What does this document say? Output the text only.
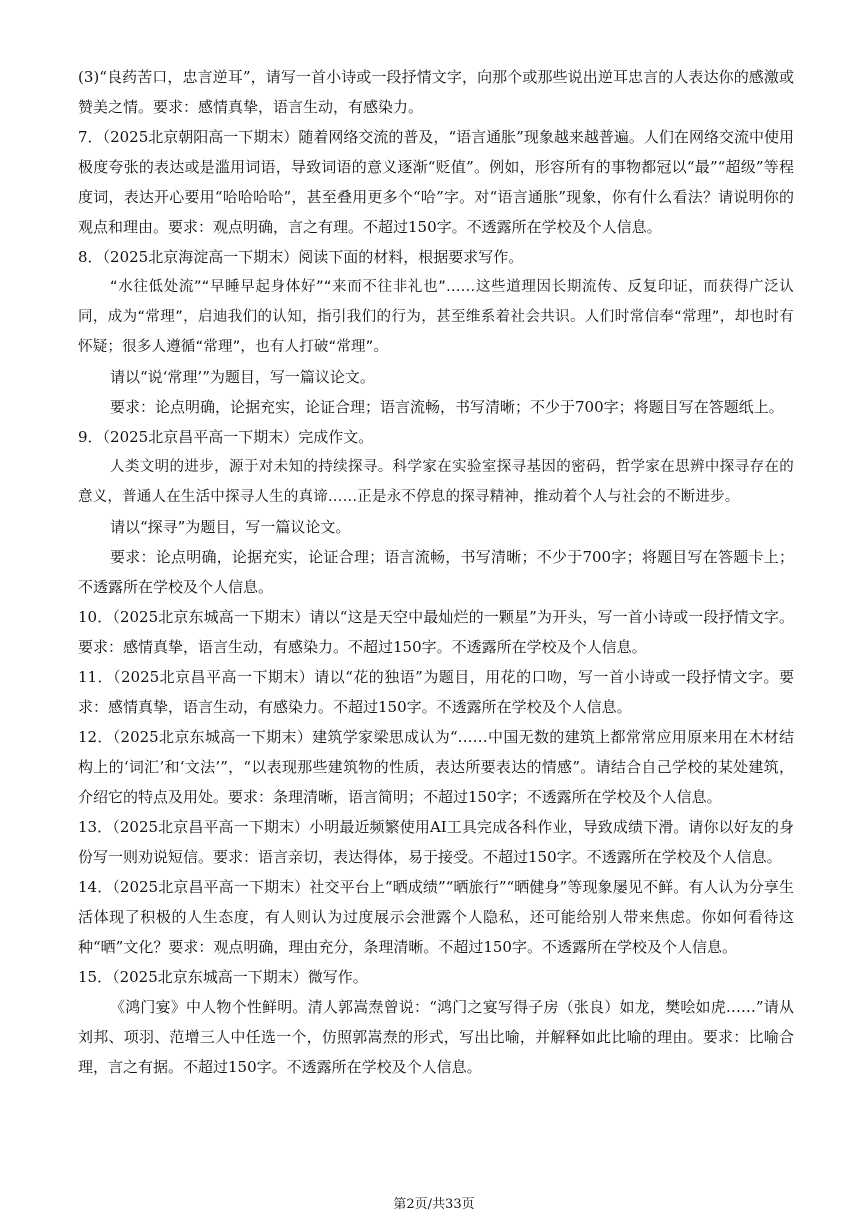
(3)“良药苦口，忠言逆耳”，请写一首小诗或一段抒情文字，向那个或那些说出逆耳忠言的人表达你的感激或赞美之情。要求：感情真挚，语言生动，有感染力。

7．（2025北京朝阳高一下期末）随着网络交流的普及，“语言通胀”现象越来越普遍。人们在网络交流中使用极度夸张的表达或是滥用词语，导致词语的意义逐渐“贬值”。例如，形容所有的事物都冠以“最”“超级”等程度词，表达开心要用“哈哈哈哈”，甚至叠用更多个“哈”字。对“语言通胀”现象，你有什么看法？请说明你的观点和理由。要求：观点明确，言之有理。不超过150字。不透露所在学校及个人信息。

8．（2025北京海淀高一下期末）阅读下面的材料，根据要求写作。

“水往低处流”“早睡早起身体好”“来而不往非礼也”……这些道理因长期流传、反复印证，而获得广泛认同，成为“常理”，启迪我们的认知，指引我们的行为，甚至维系着社会共识。人们时常信奉“常理”，却也时有怀疑；很多人遵循“常理”，也有人打破“常理”。

请以“说‘常理’”为题目，写一篇议论文。

要求：论点明确，论据充实，论证合理；语言流畅，书写清晰；不少于700字；将题目写在答题纸上。

9．（2025北京昌平高一下期末）完成作文。

人类文明的进步，源于对未知的持续探寻。科学家在实验室探寻基因的密码，哲学家在思辨中探寻存在的意义，普通人在生活中探寻人生的真谛……正是永不停息的探寻精神，推动着个人与社会的不断进步。

请以“探寻”为题目，写一篇议论文。

要求：论点明确，论据充实，论证合理；语言流畅，书写清晰；不少于700字；将题目写在答题卡上；不透露所在学校及个人信息。

10．（2025北京东城高一下期末）请以“这是天空中最灿烂的一颗星”为开头，写一首小诗或一段抒情文字。要求：感情真挚，语言生动，有感染力。不超过150字。不透露所在学校及个人信息。

11．（2025北京昌平高一下期末）请以“花的独语”为题目，用花的口吻，写一首小诗或一段抒情文字。要求：感情真挚，语言生动，有感染力。不超过150字。不透露所在学校及个人信息。

12．（2025北京东城高一下期末）建筑学家梁思成认为“……中国无数的建筑上都常常应用原来用在木材结构上的‘词汇’和‘文法’”，“以表现那些建筑物的性质，表达所要表达的情感”。请结合自己学校的某处建筑，介绍它的特点及用处。要求：条理清晰，语言简明；不超过150字；不透露所在学校及个人信息。

13．（2025北京昌平高一下期末）小明最近频繁使用AI工具完成各科作业，导致成绩下滑。请你以好友的身份写一则劝说短信。要求：语言亲切，表达得体，易于接受。不超过150字。不透露所在学校及个人信息。

14．（2025北京昌平高一下期末）社交平台上“晒成绩”“晒旅行”“晒健身”等现象屡见不鲜。有人认为分享生活体现了积极的人生态度，有人则认为过度展示会泄露个人隐私，还可能给别人带来焦虑。你如何看待这种“晒”文化？要求：观点明确，理由充分，条理清晰。不超过150字。不透露所在学校及个人信息。

15．（2025北京东城高一下期末）微写作。

《鸿门宴》中人物个性鲜明。清人郭嵩焘曾说：“鸿门之宴写得子房（张良）如龙，樊哙如虎……”请从刘邦、项羽、范增三人中任选一个，仿照郭嵩焘的形式，写出比喻，并解释如此比喻的理由。要求：比喻合理，言之有据。不超过150字。不透露所在学校及个人信息。

第2页/共33页
